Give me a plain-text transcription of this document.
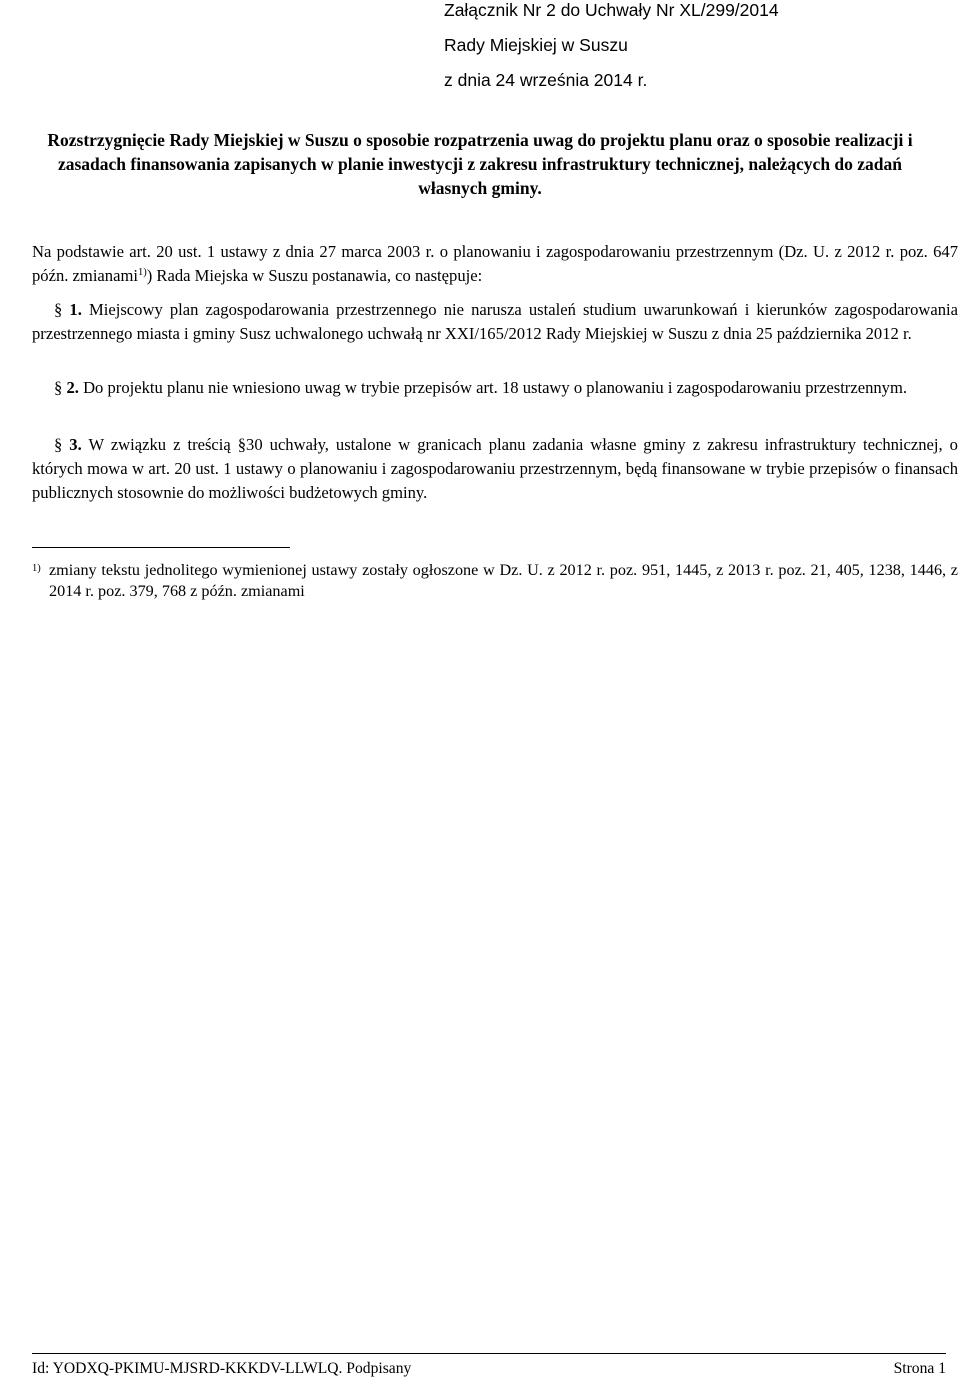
Załącznik Nr 2 do Uchwały Nr XL/299/2014
Rady Miejskiej w Suszu
z dnia 24 września 2014 r.
Rozstrzygnięcie Rady Miejskiej w Suszu o sposobie rozpatrzenia uwag do projektu planu oraz o sposobie realizacji i zasadach finansowania zapisanych w planie inwestycji z zakresu infrastruktury technicznej, należących do zadań własnych gminy.
Na podstawie art. 20 ust. 1 ustawy z dnia 27 marca 2003 r. o planowaniu i zagospodarowaniu przestrzennym (Dz. U. z 2012 r. poz. 647 późn. zmianami$^{1)}$) Rada Miejska w Suszu postanawia, co następuje:
§ 1. Miejscowy plan zagospodarowania przestrzennego nie narusza ustaleń studium uwarunkowań i kierunków zagospodarowania przestrzennego miasta i gminy Susz uchwalonego uchwałą nr XXI/165/2012 Rady Miejskiej w Suszu z dnia 25 października 2012 r.
§ 2. Do projektu planu nie wniesiono uwag w trybie przepisów art. 18 ustawy o planowaniu i zagospodarowaniu przestrzennym.
§ 3. W związku z treścią §30 uchwały, ustalone w granicach planu zadania własne gminy z zakresu infrastruktury technicznej, o których mowa w art. 20 ust. 1 ustawy o planowaniu i zagospodarowaniu przestrzennym, będą finansowane w trybie przepisów o finansach publicznych stosownie do możliwości budżetowych gminy.
1) zmiany tekstu jednolitego wymienionej ustawy zostały ogłoszone w Dz. U. z 2012 r. poz. 951, 1445, z 2013 r. poz. 21, 405, 1238, 1446, z 2014 r. poz. 379, 768 z późn. zmianami
Id: YODXQ-PKIMU-MJSRD-KKKDV-LLWLQ. Podpisany	Strona 1
